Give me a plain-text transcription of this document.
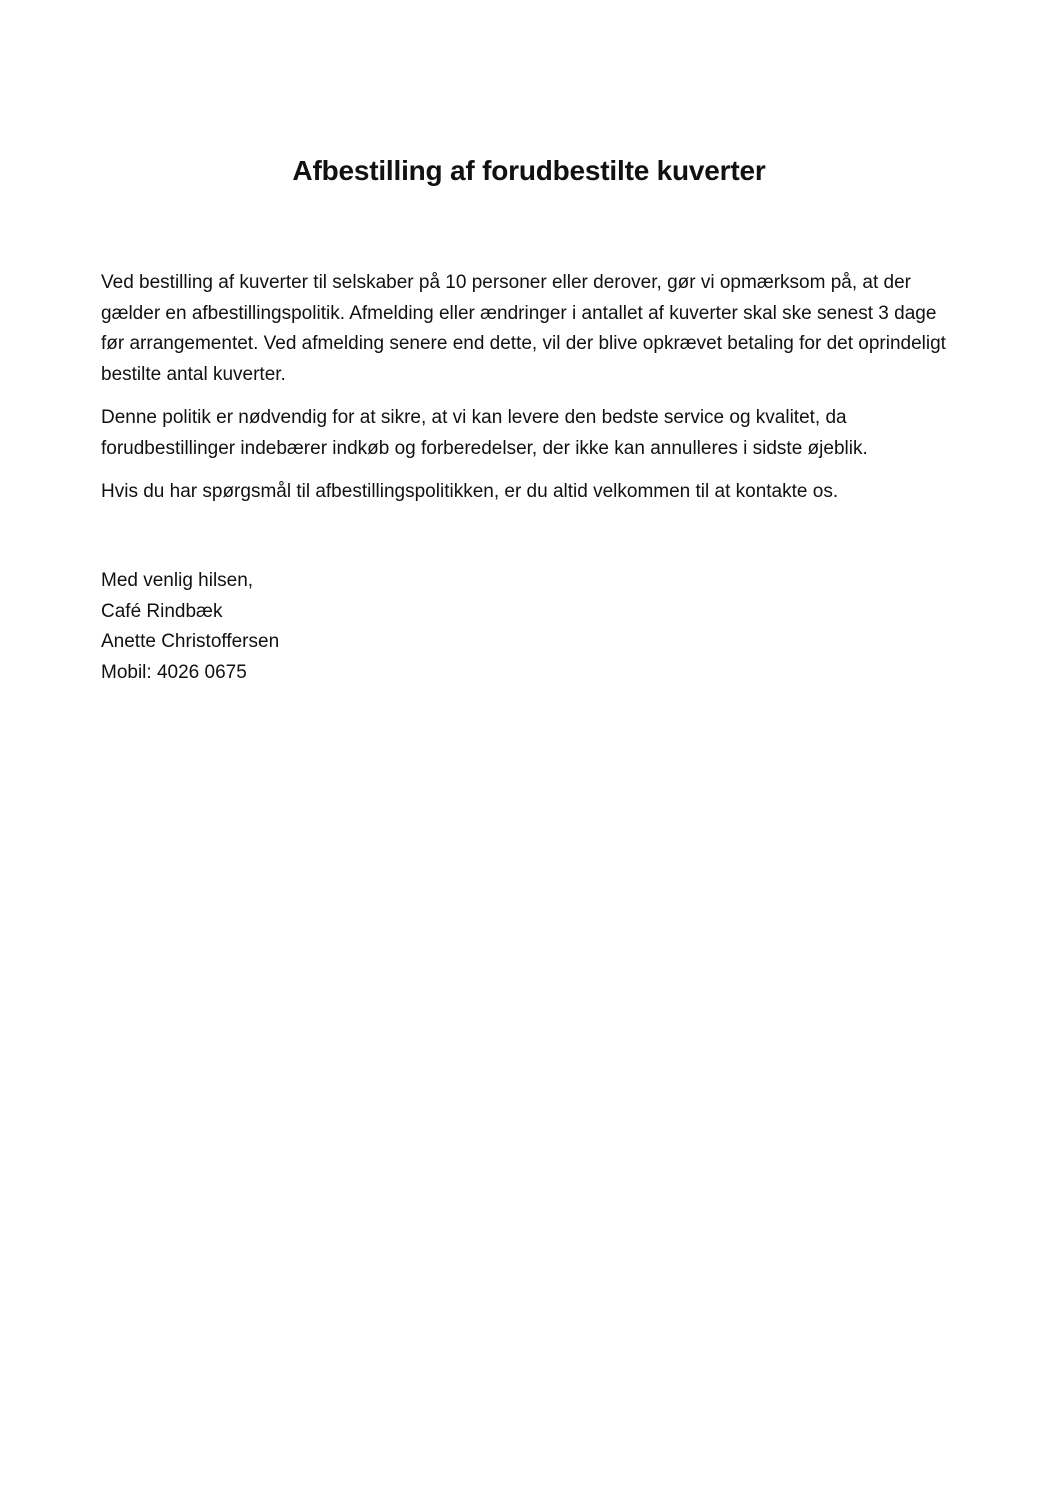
Afbestilling af forudbestilte kuverter

Ved bestilling af kuverter til selskaber på 10 personer eller derover, gør vi opmærksom på, at der gælder en afbestillingspolitik. Afmelding eller ændringer i antallet af kuverter skal ske senest 3 dage før arrangementet. Ved afmelding senere end dette, vil der blive opkrævet betaling for det oprindeligt bestilte antal kuverter.

Denne politik er nødvendig for at sikre, at vi kan levere den bedste service og kvalitet, da forudbestillinger indebærer indkøb og forberedelser, der ikke kan annulleres i sidste øjeblik.

Hvis du har spørgsmål til afbestillingspolitikken, er du altid velkommen til at kontakte os.

Med venlig hilsen,
Café Rindbæk
Anette Christoffersen
Mobil: 4026 0675
